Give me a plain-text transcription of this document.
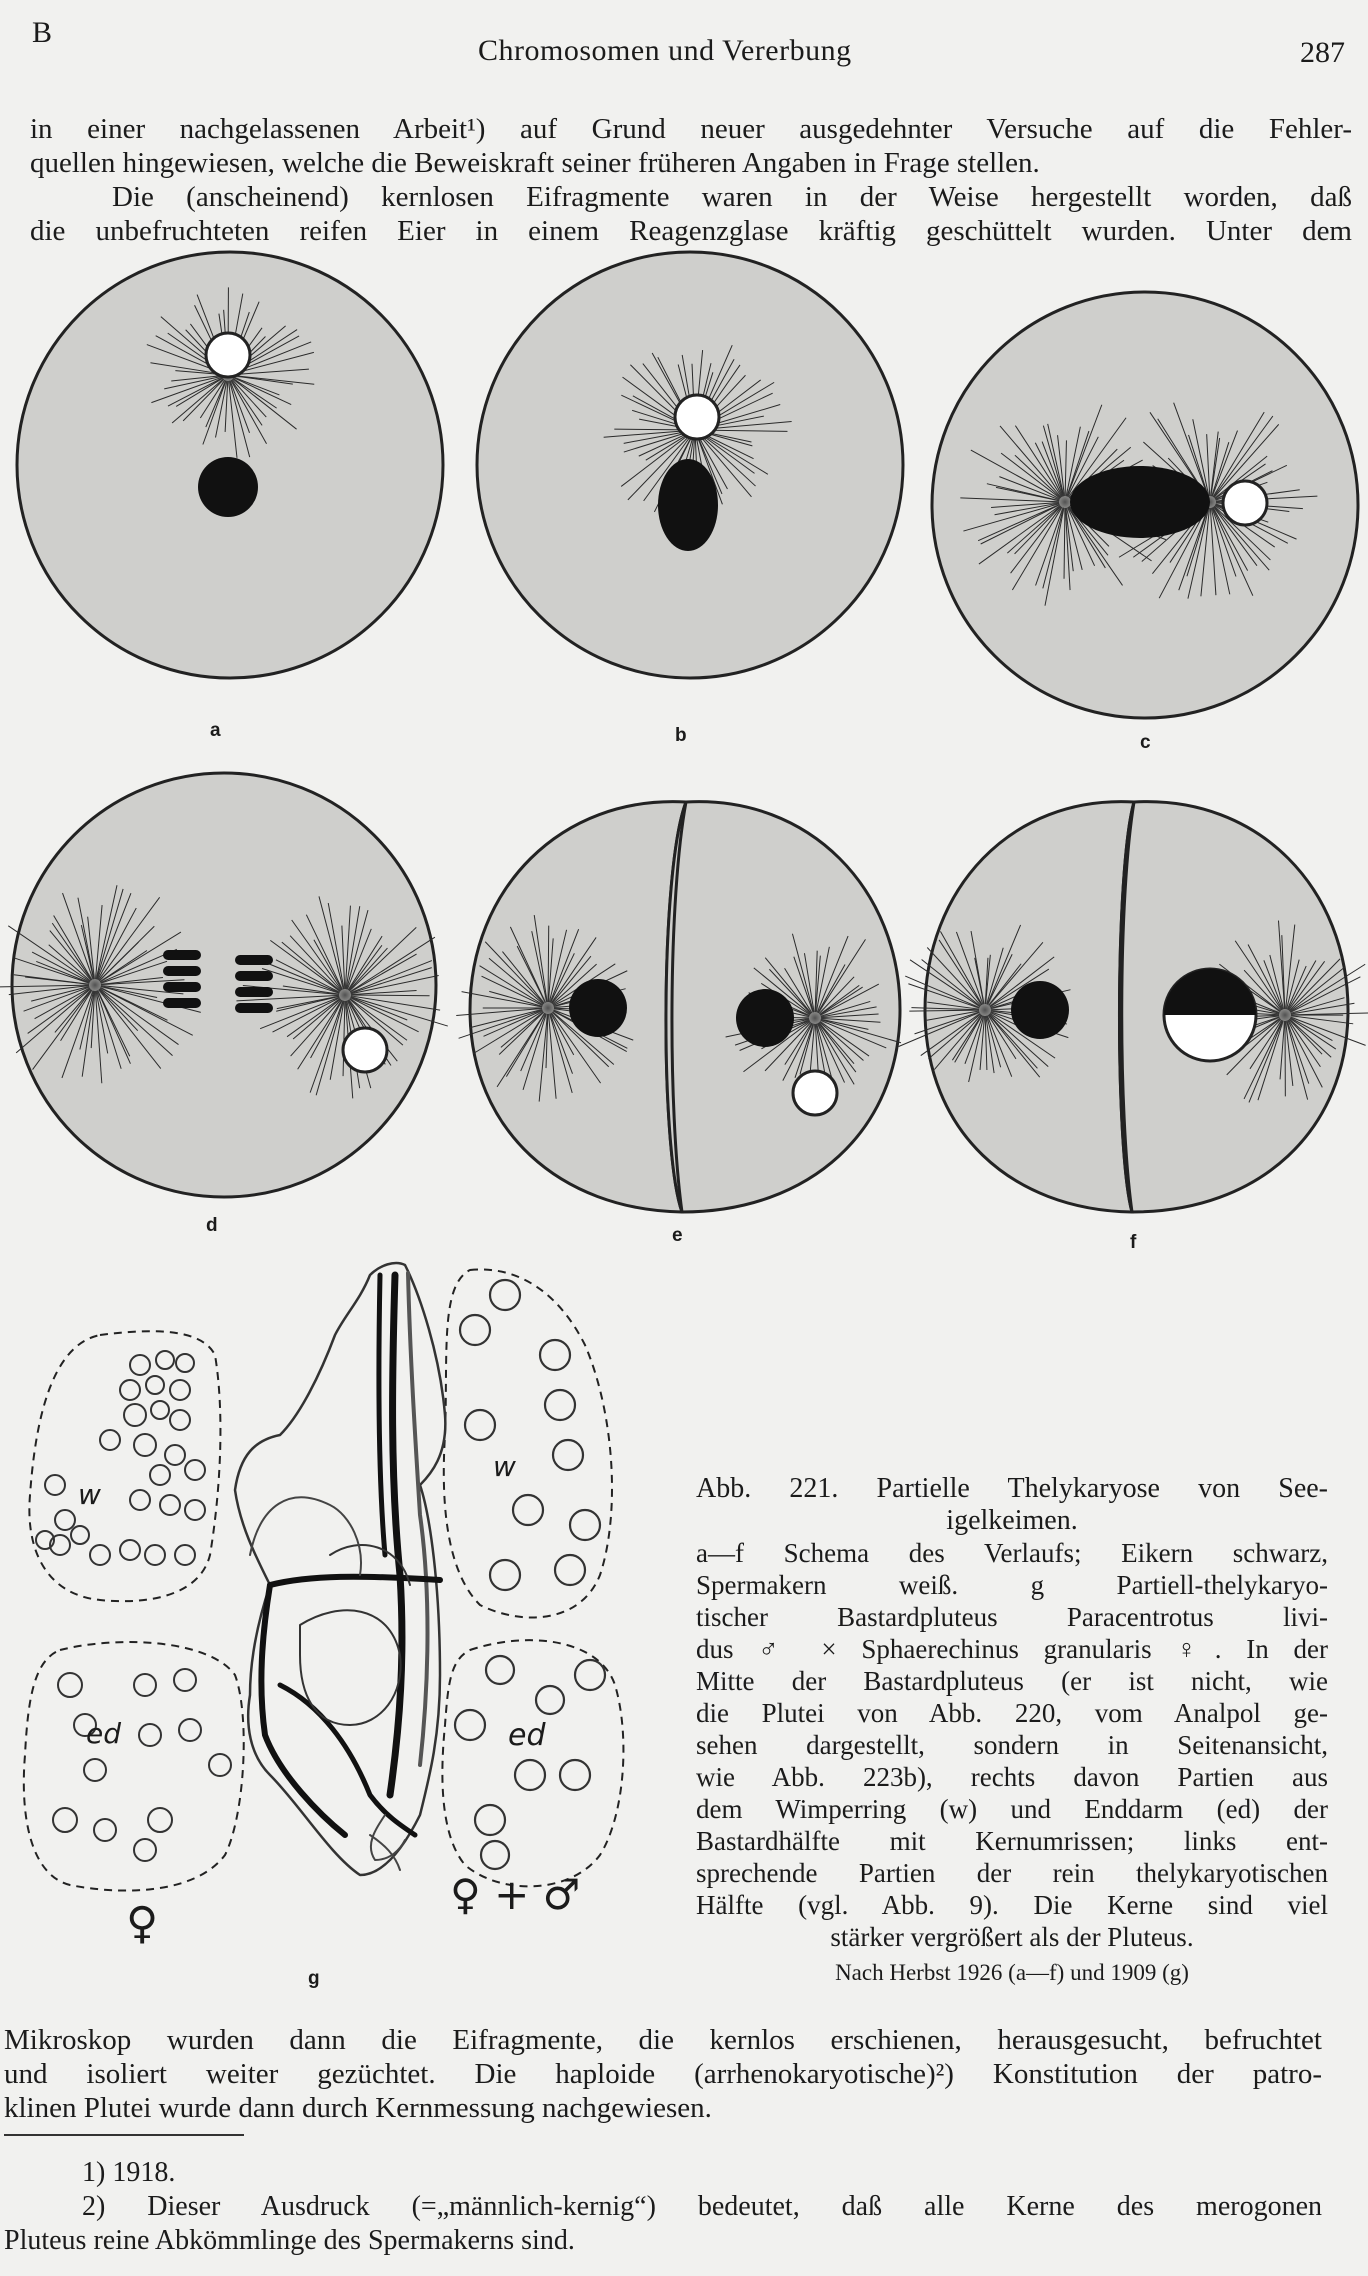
B
Chromosomen und Vererbung	287
in einer nachgelassenen Arbeit¹) auf Grund neuer ausgedehnter Versuche auf die Fehler-
quellen hingewiesen, welche die Beweiskraft seiner früheren Angaben in Frage stellen.
Die (anscheinend) kernlosen Eifragmente waren in der Weise hergestellt worden, daß
die unbefruchteten reifen Eier in einem Reagenzglase kräftig geschüttelt wurden. Unter dem
a	b	c
d	e	f
w
ed
w
ed
♀
♀ + ♂
g
Abb. 221. Partielle Thelykaryose von See-
igelkeimen.
a—f Schema des Verlaufs; Eikern schwarz,
Spermakern weiß. g Partiell-thelykaryo-
tischer Bastardpluteus Paracentrotus livi-
dus ♂ × Sphaerechinus granularis ♀. In der
Mitte der Bastardpluteus (er ist nicht, wie
die Plutei von Abb. 220, vom Analpol ge-
sehen dargestellt, sondern in Seitenansicht,
wie Abb. 223b), rechts davon Partien aus
dem Wimperring (w) und Enddarm (ed) der
Bastardhälfte mit Kernumrissen; links ent-
sprechende Partien der rein thelykaryotischen
Hälfte (vgl. Abb. 9). Die Kerne sind viel
stärker vergrößert als der Pluteus.
Nach Herbst 1926 (a—f) und 1909 (g)
Mikroskop wurden dann die Eifragmente, die kernlos erschienen, herausgesucht, befruchtet
und isoliert weiter gezüchtet. Die haploide (arrhenokaryotische)²) Konstitution der patro-
klinen Plutei wurde dann durch Kernmessung nachgewiesen.
1) 1918.
2) Dieser Ausdruck (=„männlich-kernig“) bedeutet, daß alle Kerne des merogonen
Pluteus reine Abkömmlinge des Spermakerns sind.
